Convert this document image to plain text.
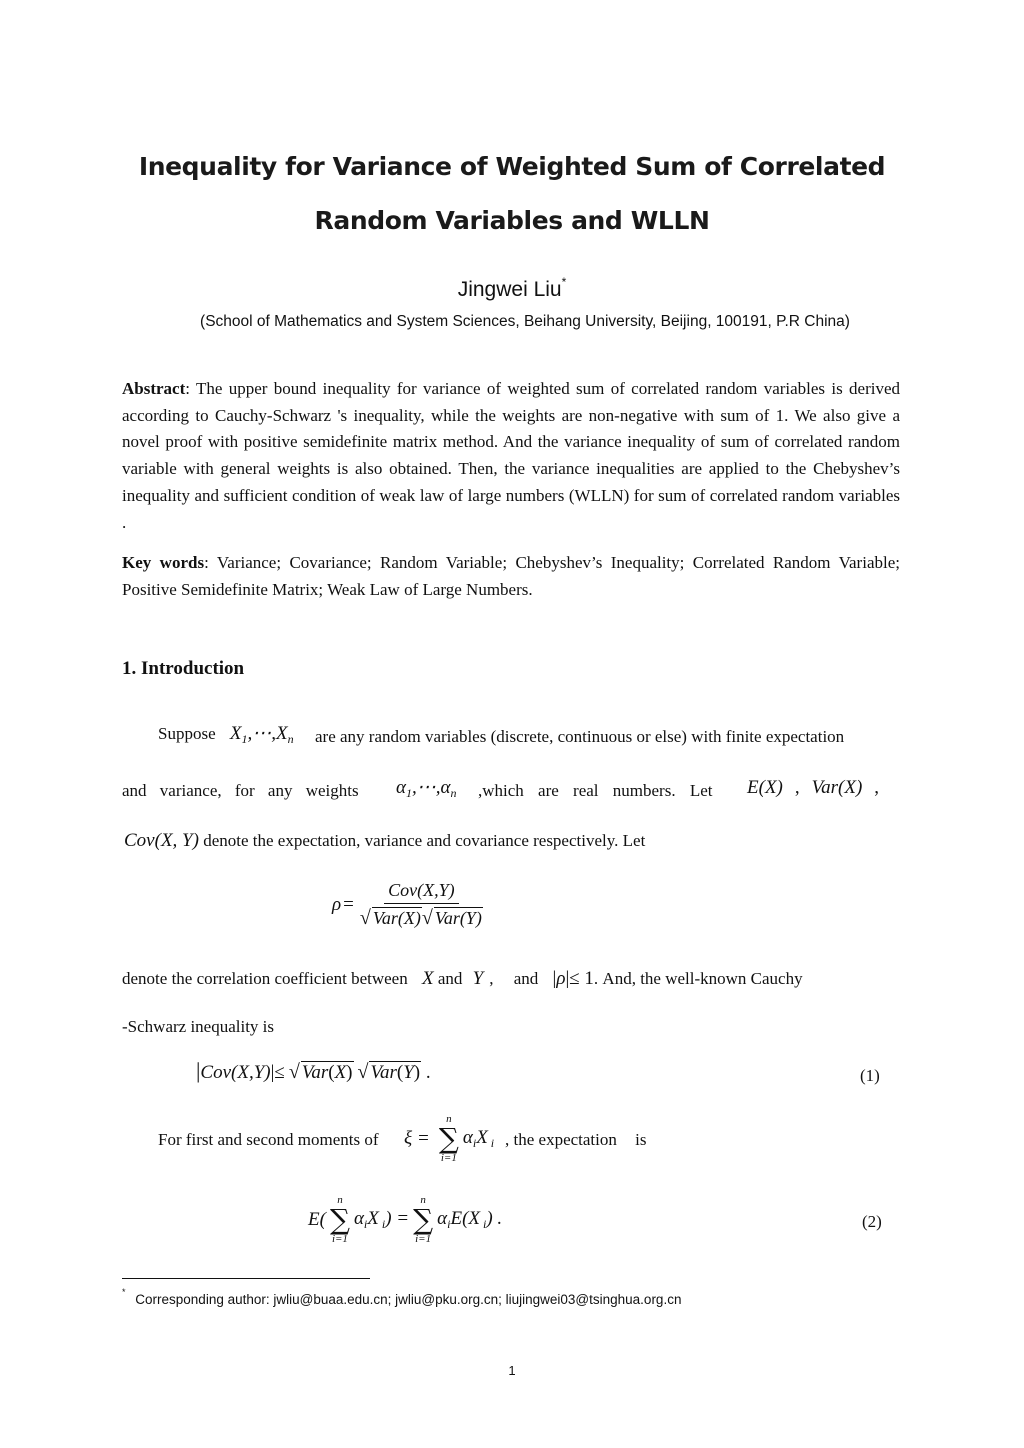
Inequality for Variance of Weighted Sum of Correlated
Random Variables and WLLN
Jingwei Liu*
(School of Mathematics and System Sciences, Beihang University, Beijing, 100191, P.R China)
Abstract: The upper bound inequality for variance of weighted sum of correlated random variables is derived according to Cauchy-Schwarz 's inequality, while the weights are non-negative with sum of 1. We also give a novel proof with positive semidefinite matrix method. And the variance inequality of sum of correlated random variable with general weights is also obtained. Then, the variance inequalities are applied to the Chebyshev’s inequality and sufficient condition of weak law of large numbers (WLLN) for sum of correlated random variables .
Key words: Variance; Covariance; Random Variable; Chebyshev’s Inequality; Correlated Random Variable; Positive Semidefinite Matrix; Weak Law of Large Numbers.
1. Introduction
Suppose $X_1,\cdots,X_n$ are any random variables (discrete, continuous or else) with finite expectation
and variance, for any weights $\alpha_1,\cdots,\alpha_n$ ,which are real numbers. Let E(X) , Var(X) ,
Cov(X, Y) denote the expectation, variance and covariance respectively. Let
$\rho = \frac{\text{Cov(X,Y)}}{\text{√ Var(X)√ Var(Y)}}$
denote the correlation coefficient between X and Y , and |ρ|≤ 1. And, the well-known Cauchy
-Schwarz inequality is
|Cov(X,Y)|≤ √ Var(X) √ Var(Y) .	(1)
For first and second moments of ξ =
n
∑
i=1
$\alpha_iX$ $_i$ , the expectation is
E(
n
∑
i=1
$\alpha_iX$ $_i$) =
n
∑
i=1
$\alpha_iE(X$ $_i$) .	(2)
* Corresponding author: jwliu@buaa.edu.cn; jwliu@pku.org.cn; liujingwei03@tsinghua.org.cn
1
